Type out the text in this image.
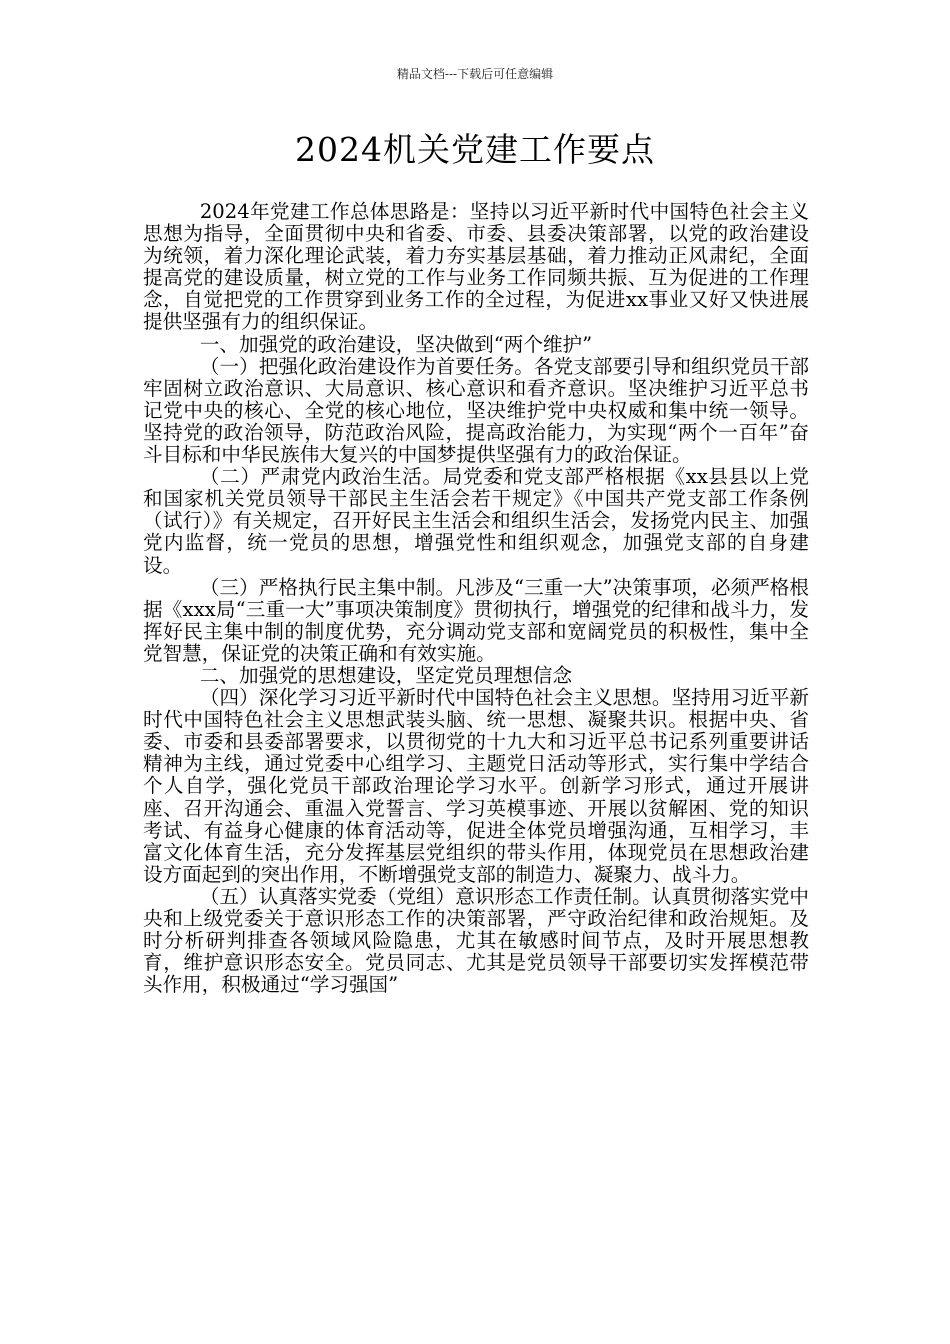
精品文档---下载后可任意编辑
2024机关党建工作要点

2024年党建工作总体思路是：坚持以习近平新时代中国特色社会主义思想为指导，全面贯彻中央和省委、市委、县委决策部署，以党的政治建设为统领，着力深化理论武装，着力夯实基层基础，着力推动正风肃纪，全面提高党的建设质量，树立党的工作与业务工作同频共振、互为促进的工作理念，自觉把党的工作贯穿到业务工作的全过程，为促进xx事业又好又快进展提供坚强有力的组织保证。

一、加强党的政治建设，坚决做到“两个维护”

（一）把强化政治建设作为首要任务。各党支部要引导和组织党员干部牢固树立政治意识、大局意识、核心意识和看齐意识。坚决维护习近平总书记党中央的核心、全党的核心地位，坚决维护党中央权威和集中统一领导。坚持党的政治领导，防范政治风险，提高政治能力，为实现“两个一百年”奋斗目标和中华民族伟大复兴的中国梦提供坚强有力的政治保证。

（二）严肃党内政治生活。局党委和党支部严格根据《xx县县以上党和国家机关党员领导干部民主生活会若干规定》《中国共产党支部工作条例（试行）》有关规定，召开好民主生活会和组织生活会，发扬党内民主、加强党内监督，统一党员的思想，增强党性和组织观念，加强党支部的自身建设。

（三）严格执行民主集中制。凡涉及“三重一大”决策事项，必须严格根据《xxx局“三重一大”事项决策制度》贯彻执行，增强党的纪律和战斗力，发挥好民主集中制的制度优势，充分调动党支部和宽阔党员的积极性，集中全党智慧，保证党的决策正确和有效实施。

二、加强党的思想建设，坚定党员理想信念

（四）深化学习习近平新时代中国特色社会主义思想。坚持用习近平新时代中国特色社会主义思想武装头脑、统一思想、凝聚共识。根据中央、省委、市委和县委部署要求，以贯彻党的十九大和习近平总书记系列重要讲话精神为主线，通过党委中心组学习、主题党日活动等形式，实行集中学结合个人自学，强化党员干部政治理论学习水平。创新学习形式，通过开展讲座、召开沟通会、重温入党誓言、学习英模事迹、开展以贫解困、党的知识考试、有益身心健康的体育活动等，促进全体党员增强沟通，互相学习，丰富文化体育生活，充分发挥基层党组织的带头作用，体现党员在思想政治建设方面起到的突出作用，不断增强党支部的制造力、凝聚力、战斗力。

（五）认真落实党委（党组）意识形态工作责任制。认真贯彻落实党中央和上级党委关于意识形态工作的决策部署，严守政治纪律和政治规矩。及时分析研判排查各领域风险隐患，尤其在敏感时间节点，及时开展思想教育，维护意识形态安全。党员同志、尤其是党员领导干部要切实发挥模范带头作用，积极通过“学习强国”
